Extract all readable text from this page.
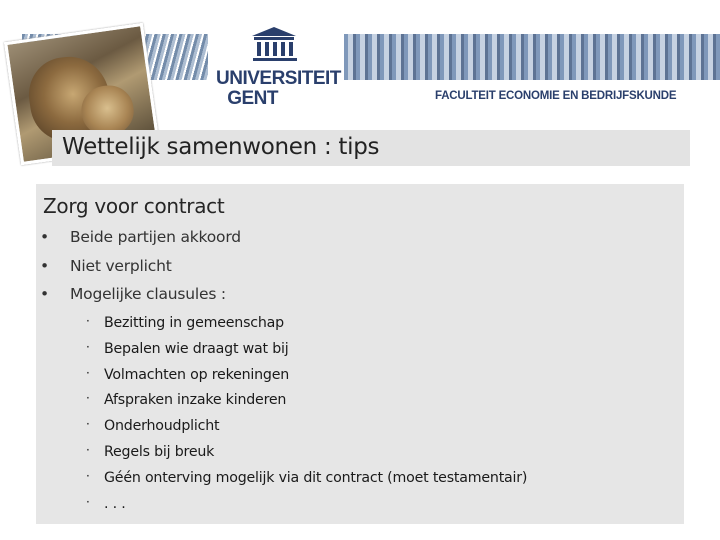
UNIVERSITEIT
GENT	FACULTEIT ECONOMIE EN BEDRIJFSKUNDE
Wettelijk samenwonen : tips
Zorg voor contract
• Beide partijen akkoord
• Niet verplicht
• Mogelijke clausules :
· Bezitting in gemeenschap
· Bepalen wie draagt wat bij
· Volmachten op rekeningen
· Afspraken inzake kinderen
· Onderhoudplicht
· Regels bij breuk
· Géén onterving mogelijk via dit contract (moet testamentair)
· . . .
